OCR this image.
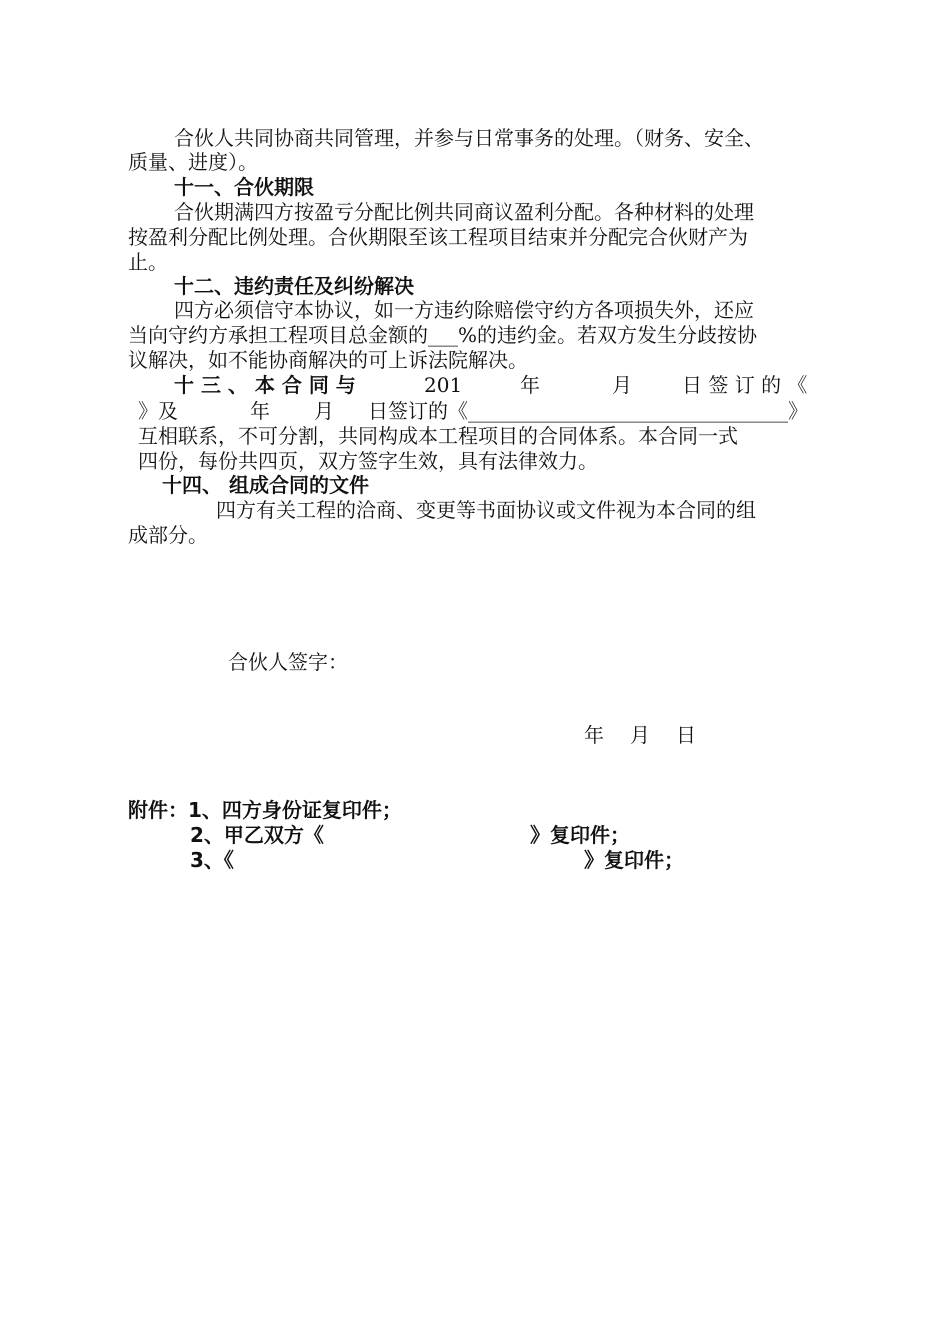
合伙人共同协商共同管理，并参与日常事务的处理。（财务、安全、
质量、进度）。
十一、合伙期限
合伙期满四方按盈亏分配比例共同商议盈利分配。各种材料的处理
按盈利分配比例处理。合伙期限至该工程项目结束并分配完合伙财产为
止。
十二、违约责任及纠纷解决
四方必须信守本协议，如一方违约除赔偿守约方各项损失外，还应
当向守约方承担工程项目总金额的___%的违约金。若双方发生分歧按协
议解决，如不能协商解决的可上诉法院解决。
十 三 、 本 合 同 与	201	年	月	日 签 订 的 《
》及	年 月 日签订的《________________________________》
互相联系，不可分割，共同构成本工程项目的合同体系。本合同一式
四份，每份共四页，双方签字生效，具有法律效力。
十四、 组成合同的文件
四方有关工程的洽商、变更等书面协议或文件视为本合同的组
成部分。
合伙人签字：
年 月 日
附件：1、四方身份证复印件；
2、甲乙双方《	》复印件；
3、《	》复印件；
